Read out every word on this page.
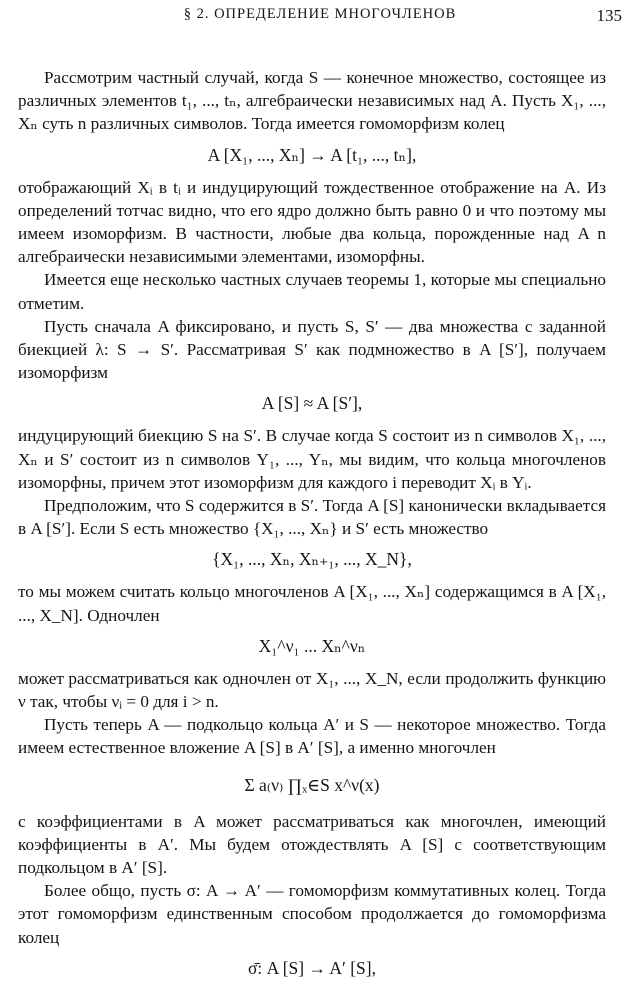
§ 2. ОПРЕДЕЛЕНИЕ МНОГОЧЛЕНОВ	135

Рассмотрим частный случай, когда S — конечное множество, состоящее из различных элементов t₁, ..., tₙ, алгебраически независимых над A. Пусть X₁, ..., Xₙ суть n различных символов. Тогда имеется гомоморфизм колец

A [X₁, ..., Xₙ] → A [t₁, ..., tₙ],

отображающий Xᵢ в tᵢ и индуцирующий тождественное отображение на A. Из определений тотчас видно, что его ядро должно быть равно 0 и что поэтому мы имеем изоморфизм. В частности, любые два кольца, порожденные над A n алгебраически независимыми элементами, изоморфны.

Имеется еще несколько частных случаев теоремы 1, которые мы специально отметим.

Пусть сначала A фиксировано, и пусть S, S′ — два множества с заданной биекцией λ: S → S′. Рассматривая S′ как подмножество в A [S′], получаем изоморфизм

A [S] ≈ A [S′],

индуцирующий биекцию S на S′. В случае когда S состоит из n символов X₁, ..., Xₙ и S′ состоит из n символов Y₁, ..., Yₙ, мы видим, что кольца многочленов изоморфны, причем этот изоморфизм для каждого i переводит Xᵢ в Yᵢ.

Предположим, что S содержится в S′. Тогда A [S] канонически вкладывается в A [S′]. Если S есть множество {X₁, ..., Xₙ} и S′ есть множество

{X₁, ..., Xₙ, Xₙ₊₁, ..., X_N},

то мы можем считать кольцо многочленов A [X₁, ..., Xₙ] содержащимся в A [X₁, ..., X_N]. Одночлен

X₁^ν₁ ... Xₙ^νₙ

может рассматриваться как одночлен от X₁, ..., X_N, если продолжить функцию ν так, чтобы νᵢ = 0 для i > n.

Пусть теперь A — подкольцо кольца A′ и S — некоторое множество. Тогда имеем естественное вложение A [S] в A′ [S], а именно многочлен

Σ a₍ν₎ ∏ₓ∈S x^ν(x)

с коэффициентами в A может рассматриваться как многочлен, имеющий коэффициенты в A′. Мы будем отождествлять A [S] с соответствующим подкольцом в A′ [S].

Более общо, пусть σ: A → A′ — гомоморфизм коммутативных колец. Тогда этот гомоморфизм единственным способом продолжается до гомоморфизма колец

σ̄: A [S] → A′ [S],
